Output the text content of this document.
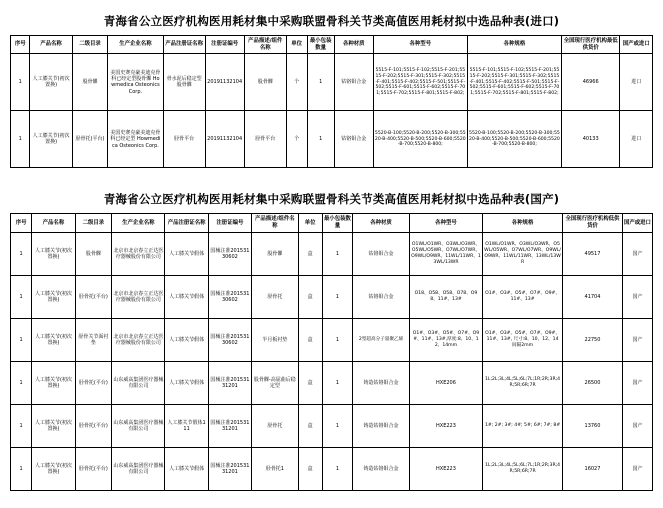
青海省公立医疗机构医用耗材集中采购联盟骨科关节类高值医用耗材拟中选品种表(进口)
序号	产品名称	二级目录	生产企业名称	产品注册证名称	注册证编号	产品描述/组件名称	单位	最小包装数量	各种材质	各种型号	各种规格	全国现行医疗机构最低供货价	国产或进口
1	人工膝关节(初次置换)	股骨髁	美国史赛克豪美迪克骨科已经定型股骨髁 Howmedica Osteonics Corp.	骨水泥后稳定型股骨髁	20191132104	股骨髁	个	1	钴铬钼合金	5515-F-101;5515-F-102;5515-F-201;5515-F-202;5515-F-301;5515-F-302;5515-F-401;5515-F-402;5515-F-501;5515-F-502;5515-F-601;5515-F-602;5515-F-701;5515-F-702;5515-F-801;5515-F-802;	5515-F-101;5515-F-102;5515-F-201;5515-F-202;5515-F-301;5515-F-302;5515-F-401;5515-F-402;5515-F-501;5515-F-502;5515-F-601;5515-F-602;5515-F-701;5515-F-702;5515-F-801;5515-F-802;	46966	进口
1	人工膝关节(初次置换)	胫骨托(平台)	美国史赛克豪美迪克骨科已经定型 Howmedica Osteonics Corp.	胫骨平台	20191132104	胫骨平台	个	1	钴铬钼合金	5520-B-100;5520-B-200;5520-B-300;5520-B-400;5520-B-500;5520-B-600;5520-B-700;5520-B-800;	5520-B-100;5520-B-200;5520-B-300;5520-B-400;5520-B-500;5520-B-600;5520-B-700;5520-B-800;	40133	进口
青海省公立医疗机构医用耗材集中采购联盟骨科关节类高值医用耗材拟中选品种表(国产)
序号	产品名称	二级目录	生产企业名称	产品注册证名称	注册证编号	产品描述/组件名称	单位	最小包装数量	各种材质	各种型号	各种规格	全国现行医疗机构低供货价	国产或进口
1	人工膝关节(初次置换)	股骨髁	北京市北京春立正达医疗器械股份有限公司	人工膝关节假体	国械注准20153130602	股骨髁	盒	1	钴铬钼合金	O1WL/O1WR、O3WL/O3WR、O5WL/O5WR、O7WL/O7WR、O9WL/O9WR、11WL/11WR、13WL/13WR	O1WL/O1WR、O3WL/O3WR、O5WL/O5WR、O7WL/O7WR、O9WL/O9WR、11WL/11WR、13WL/13WR	49517	国产
1	人工膝关节(初次置换)	胫骨托(平台)	北京市北京春立正达医疗器械股份有限公司	人工膝关节假体	国械注准20153130602	胫骨托	盒	1	钴铬钼合金	O18、O58、O58、O78、O98、11#、13#	O1#、O3#、O5#、O7#、O9#、11#、13#	41704	国产
1	人工膝关节(初次置换)	胫骨关节面衬垫	北京市北京春立正达医疗器械股份有限公司	人工膝关节假体	国械注准20153130602	半月板衬垫	盒	1	2型超高分子量聚乙烯	O1#、O3#、O5#、O7#、O9#、11#、13#,厚度:8、10、12、14mm	O1#、O3#、O5#、O7#、O9#、11#、13#, 尺寸:8、10、12、14 间隔2mm	22750	国产
1	人工膝关节(初次置换)	胫骨托(平台)	山东威高集团医疗器械有限公司	人工膝关节假体	国械注准20153131201	股骨髁-高屈曲后稳定型	盒	1	铸造钴铬钼合金	HXE206	1L;2L;3L;4L;5L;6L;7L;1R;2R;3R;4R;5R;6R;7R	26500	国产
1	人工膝关节(初次置换)	胫骨托(平台)	山东威高集团医疗器械有限公司	人工膝关节假体111	国械注准20153131201	胫骨托	盒	1	铸造钴铬钼合金	HXE223	1#; 2#; 3#; 4#; 5#; 6#; 7#; 8#	13760	国产
1	人工膝关节(初次置换)	胫骨托(平台)	山东威高集团医疗器械有限公司	人工膝关节假体	国械注准20153131201	胫骨托1	盒	1	铸造钴铬钼合金	HXE223	1L;2L;3L;4L;5L;6L;7L;1R;2R;3R;4R;5R;6R;7R	16027	国产
